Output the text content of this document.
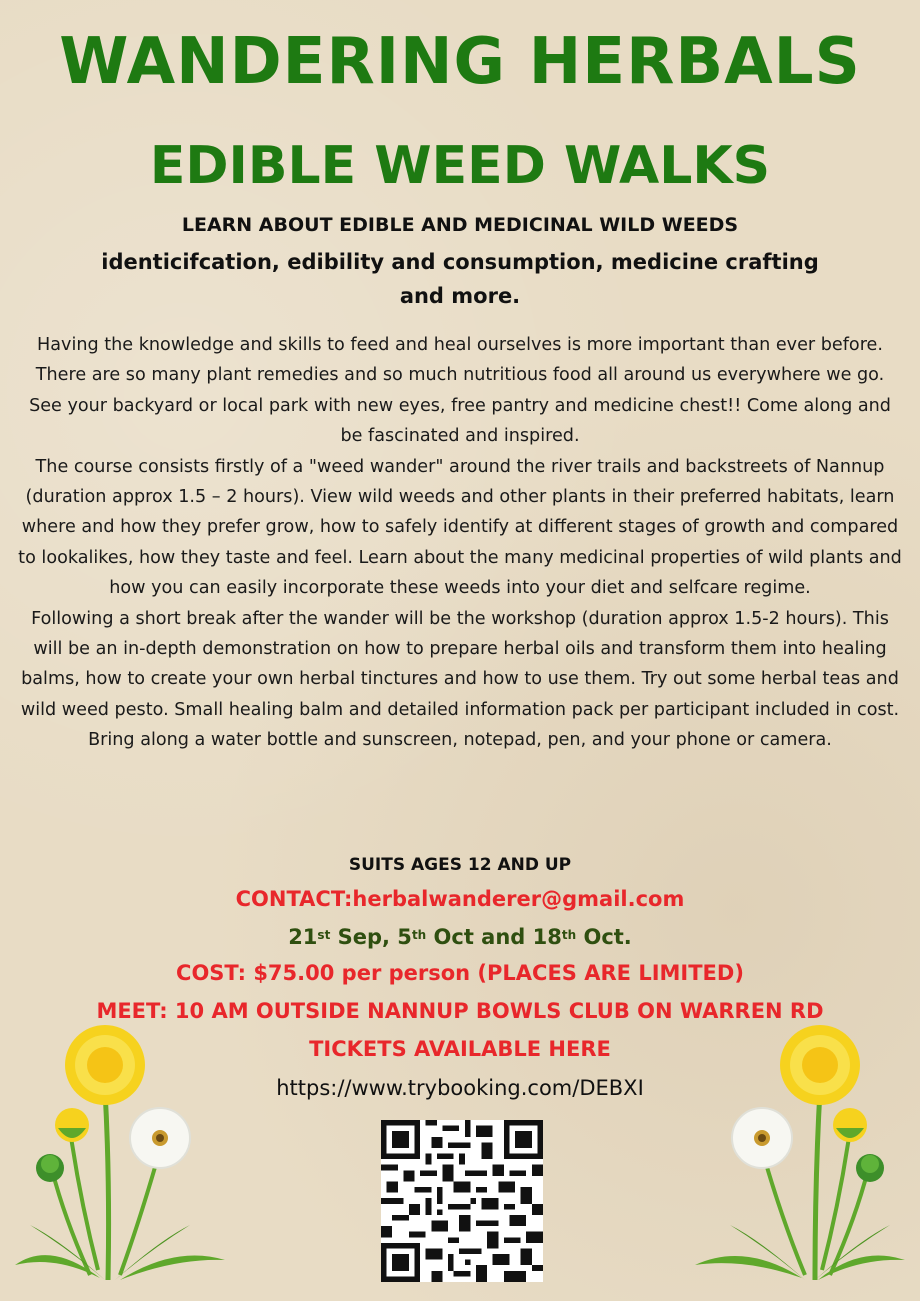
WANDERING HERBALS
EDIBLE WEED WALKS
LEARN ABOUT EDIBLE AND MEDICINAL WILD WEEDS
identicifcation, edibility and consumption, medicine crafting and more.

Having the knowledge and skills to feed and heal ourselves is more important than ever before. There are so many plant remedies and so much nutritious food all around us everywhere we go. See your backyard or local park with new eyes, free pantry and medicine chest!! Come along and be fascinated and inspired.

The course consists firstly of a "weed wander" around the river trails and backstreets of Nannup (duration approx 1.5 – 2 hours). View wild weeds and other plants in their preferred habitats, learn where and how they prefer grow, how to safely identify at different stages of growth and compared to lookalikes, how they taste and feel. Learn about the many medicinal properties of wild plants and how you can easily incorporate these weeds into your diet and selfcare regime.

Following a short break after the wander will be the workshop (duration approx 1.5-2 hours). This will be an in-depth demonstration on how to prepare herbal oils and transform them into healing balms, how to create your own herbal tinctures and how to use them. Try out some herbal teas and wild weed pesto. Small healing balm and detailed information pack per participant included in cost.

Bring along a water bottle and sunscreen, notepad, pen, and your phone or camera.

SUITS AGES 12 AND UP
CONTACT:herbalwanderer@gmail.com
21st Sep, 5th Oct and 18th Oct.
COST: $75.00 per person (PLACES ARE LIMITED)
MEET: 10 AM OUTSIDE NANNUP BOWLS CLUB ON WARREN RD
TICKETS AVAILABLE HERE
https://www.trybooking.com/DEBXI
